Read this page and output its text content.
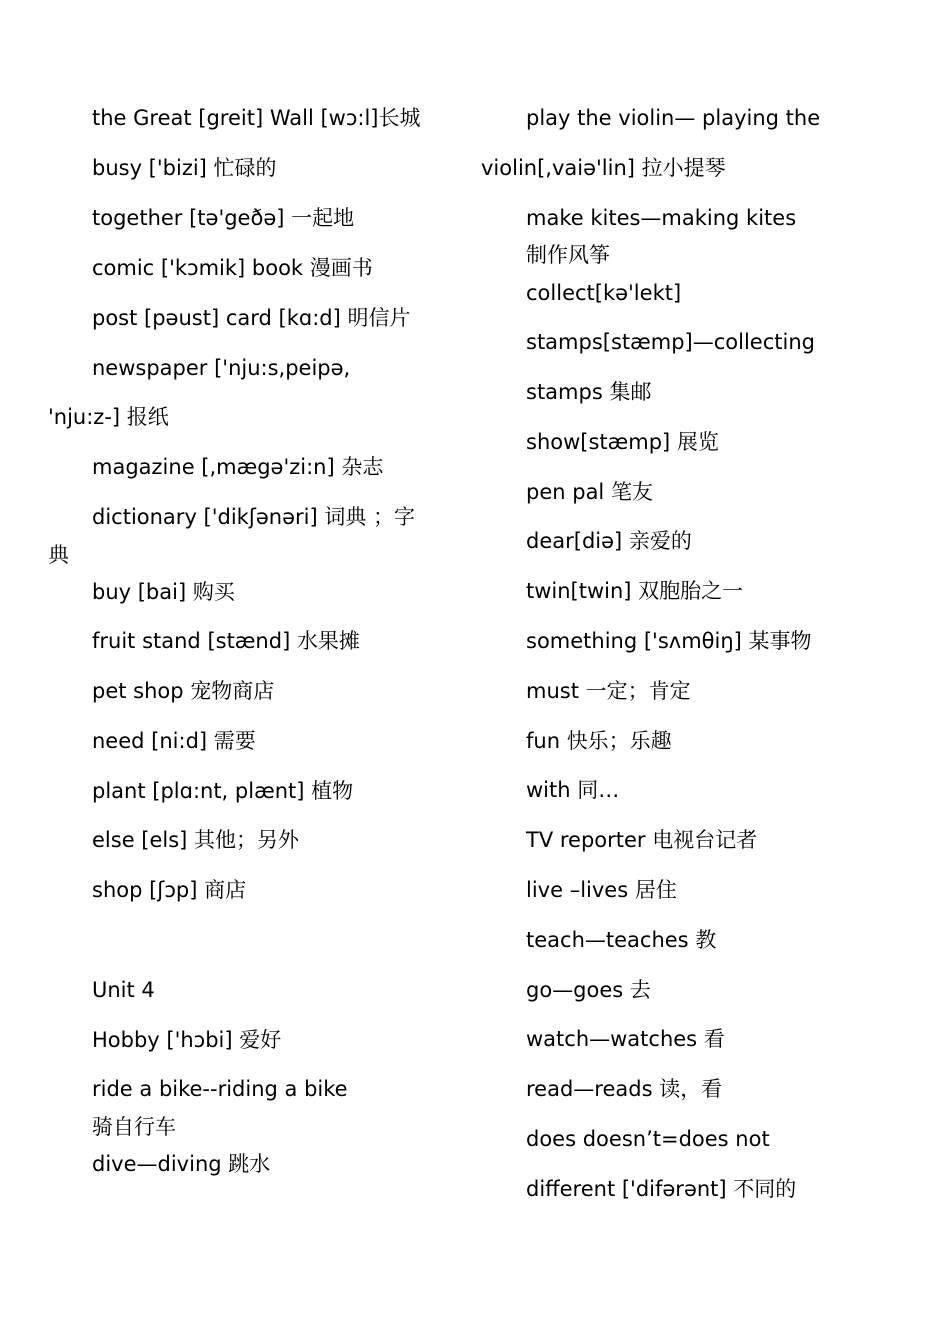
the Great [greit] Wall [wɔ:l]长城
busy ['bizi] 忙碌的
together [tə'geðə] 一起地
comic ['kɔmik] book 漫画书
post [pəust] card [kɑ:d] 明信片
newspaper ['nju:s,peipə,
'nju:z-] 报纸
magazine [,mægə'zi:n] 杂志
dictionary ['dikʃənəri] 词典 ；字
典
buy [bai] 购买
fruit stand [stænd] 水果摊
pet shop 宠物商店
need [ni:d] 需要
plant [plɑ:nt, plænt] 植物
else [els] 其他；另外
shop [ʃɔp] 商店
Unit 4
Hobby ['hɔbi] 爱好
ride a bike--riding a bike
骑自行车
dive—diving 跳水
play the violin— playing the
violin[,vaiə'lin] 拉小提琴
make kites—making kites
制作风筝
collect[kə'lekt]
stamps[stæmp]—collecting
stamps 集邮
show[stæmp] 展览
pen pal 笔友
dear[diə] 亲爱的
twin[twin] 双胞胎之一
something ['sʌmθiŋ] 某事物
must 一定；肯定
fun 快乐；乐趣
with 同…
TV reporter 电视台记者
live –lives 居住
teach—teaches 教
go—goes 去
watch—watches 看
read—reads 读，看
does doesn’t=does not
different ['difərənt] 不同的
